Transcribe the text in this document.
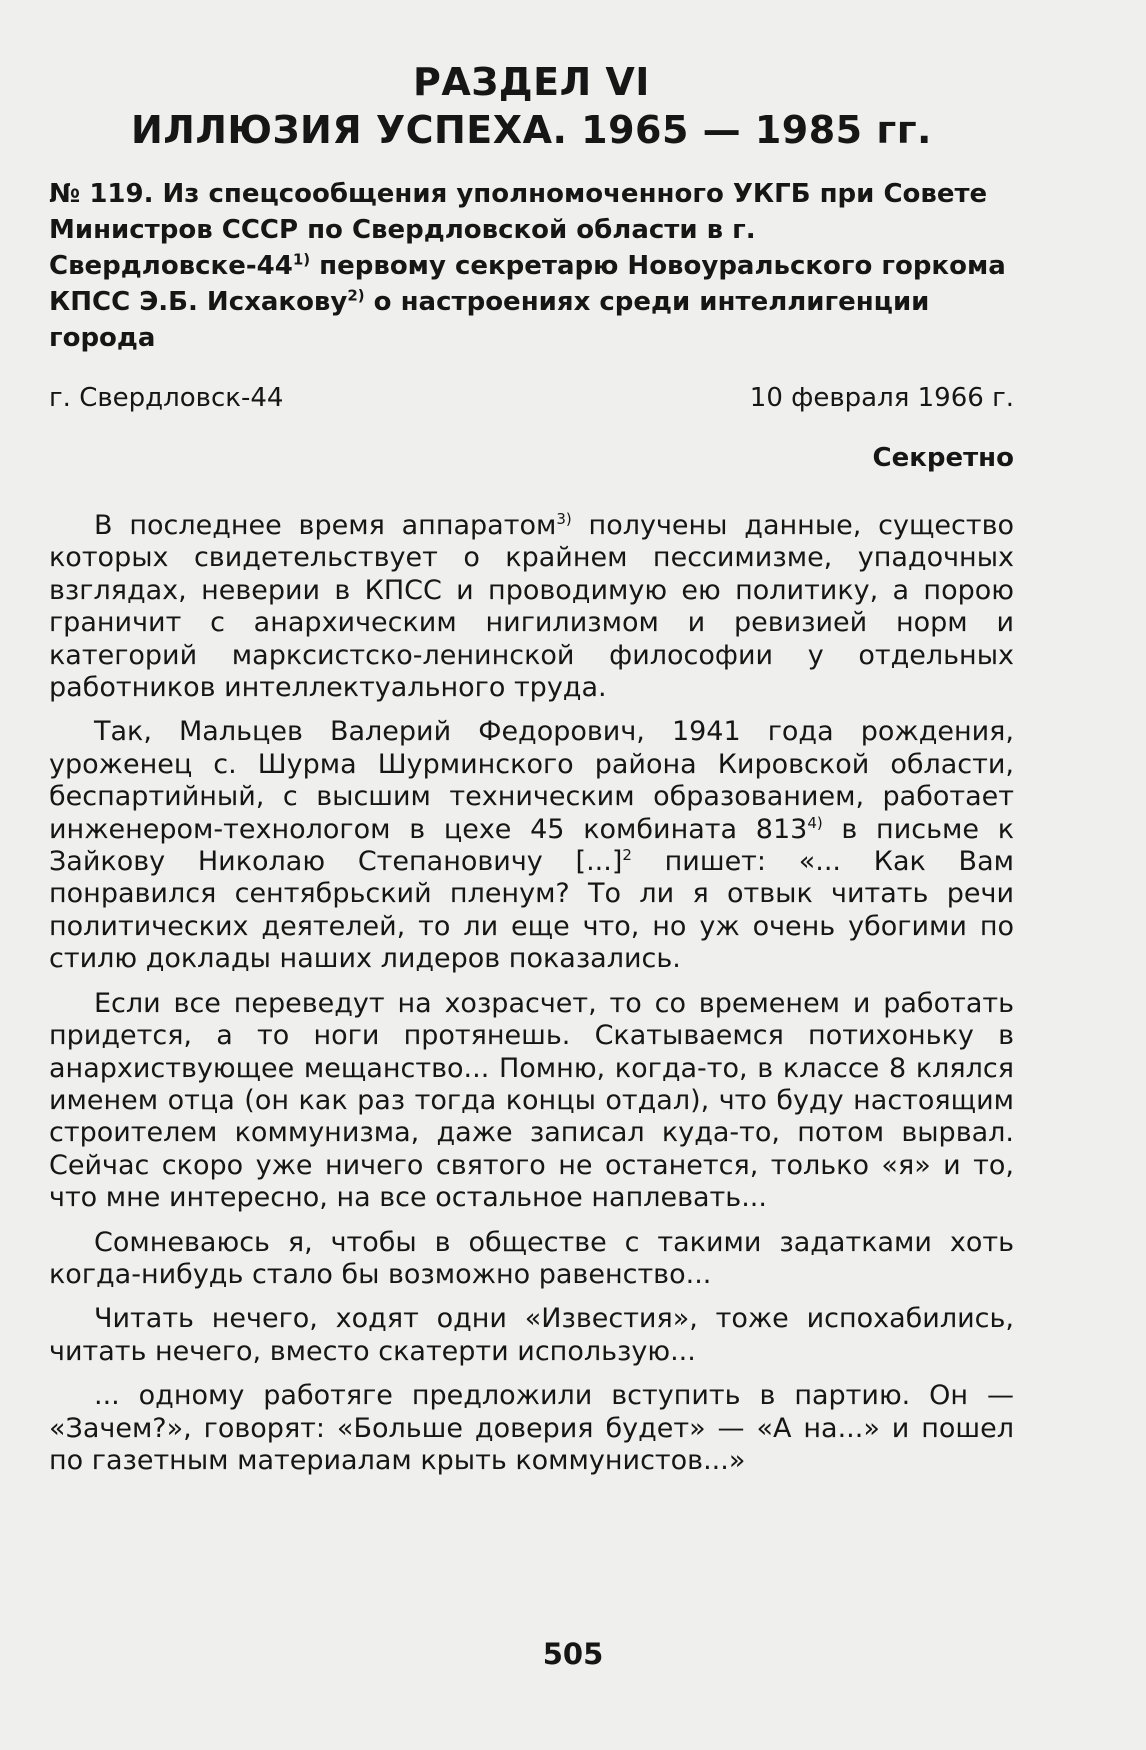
РАЗДЕЛ VI
ИЛЛЮЗИЯ УСПЕХА. 1965 — 1985 гг.
№ 119. Из спецсообщения уполномоченного УКГБ при Совете Министров СССР по Свердловской области в г. Свердловске-44$^{1)}$ первому секретарю Новоуральского горкома КПСС Э.Б. Исхакову$^{2)}$ о настроениях среди интеллигенции города
г. Свердловск-44	10 февраля 1966 г.
Секретно

В последнее время аппаратом$^{3)}$ получены данные, существо которых свидетельствует о крайнем пессимизме, упадочных взглядах, неверии в КПСС и проводимую ею политику, а порою граничит с анархическим нигилизмом и ревизией норм и категорий марксистско-ленинской философии у отдельных работников интеллектуального труда.

Так, Мальцев Валерий Федорович, 1941 года рождения, уроженец с. Шурма Шурминского района Кировской области, беспартийный, с высшим техническим образованием, работает инженером-технологом в цехе 45 комбината 813$^{4)}$ в письме к Зайкову Николаю Степановичу [...]$^2$ пишет: «... Как Вам понравился сентябрьский пленум? То ли я отвык читать речи политических деятелей, то ли еще что, но уж очень убогими по стилю доклады наших лидеров показались.

Если все переведут на хозрасчет, то со временем и работать придется, а то ноги протянешь. Скатываемся потихоньку в анархиствующее мещанство... Помню, когда-то, в классе 8 клялся именем отца (он как раз тогда концы отдал), что буду настоящим строителем коммунизма, даже записал куда-то, потом вырвал. Сейчас скоро уже ничего святого не останется, только «я» и то, что мне интересно, на все остальное наплевать...

Сомневаюсь я, чтобы в обществе с такими задатками хоть когда-нибудь стало бы возможно равенство...

Читать нечего, ходят одни «Известия», тоже испохабились, читать нечего, вместо скатерти использую...

... одному работяге предложили вступить в партию. Он — «Зачем?», говорят: «Больше доверия будет» — «А на...» и пошел по газетным материалам крыть коммунистов...»

505
